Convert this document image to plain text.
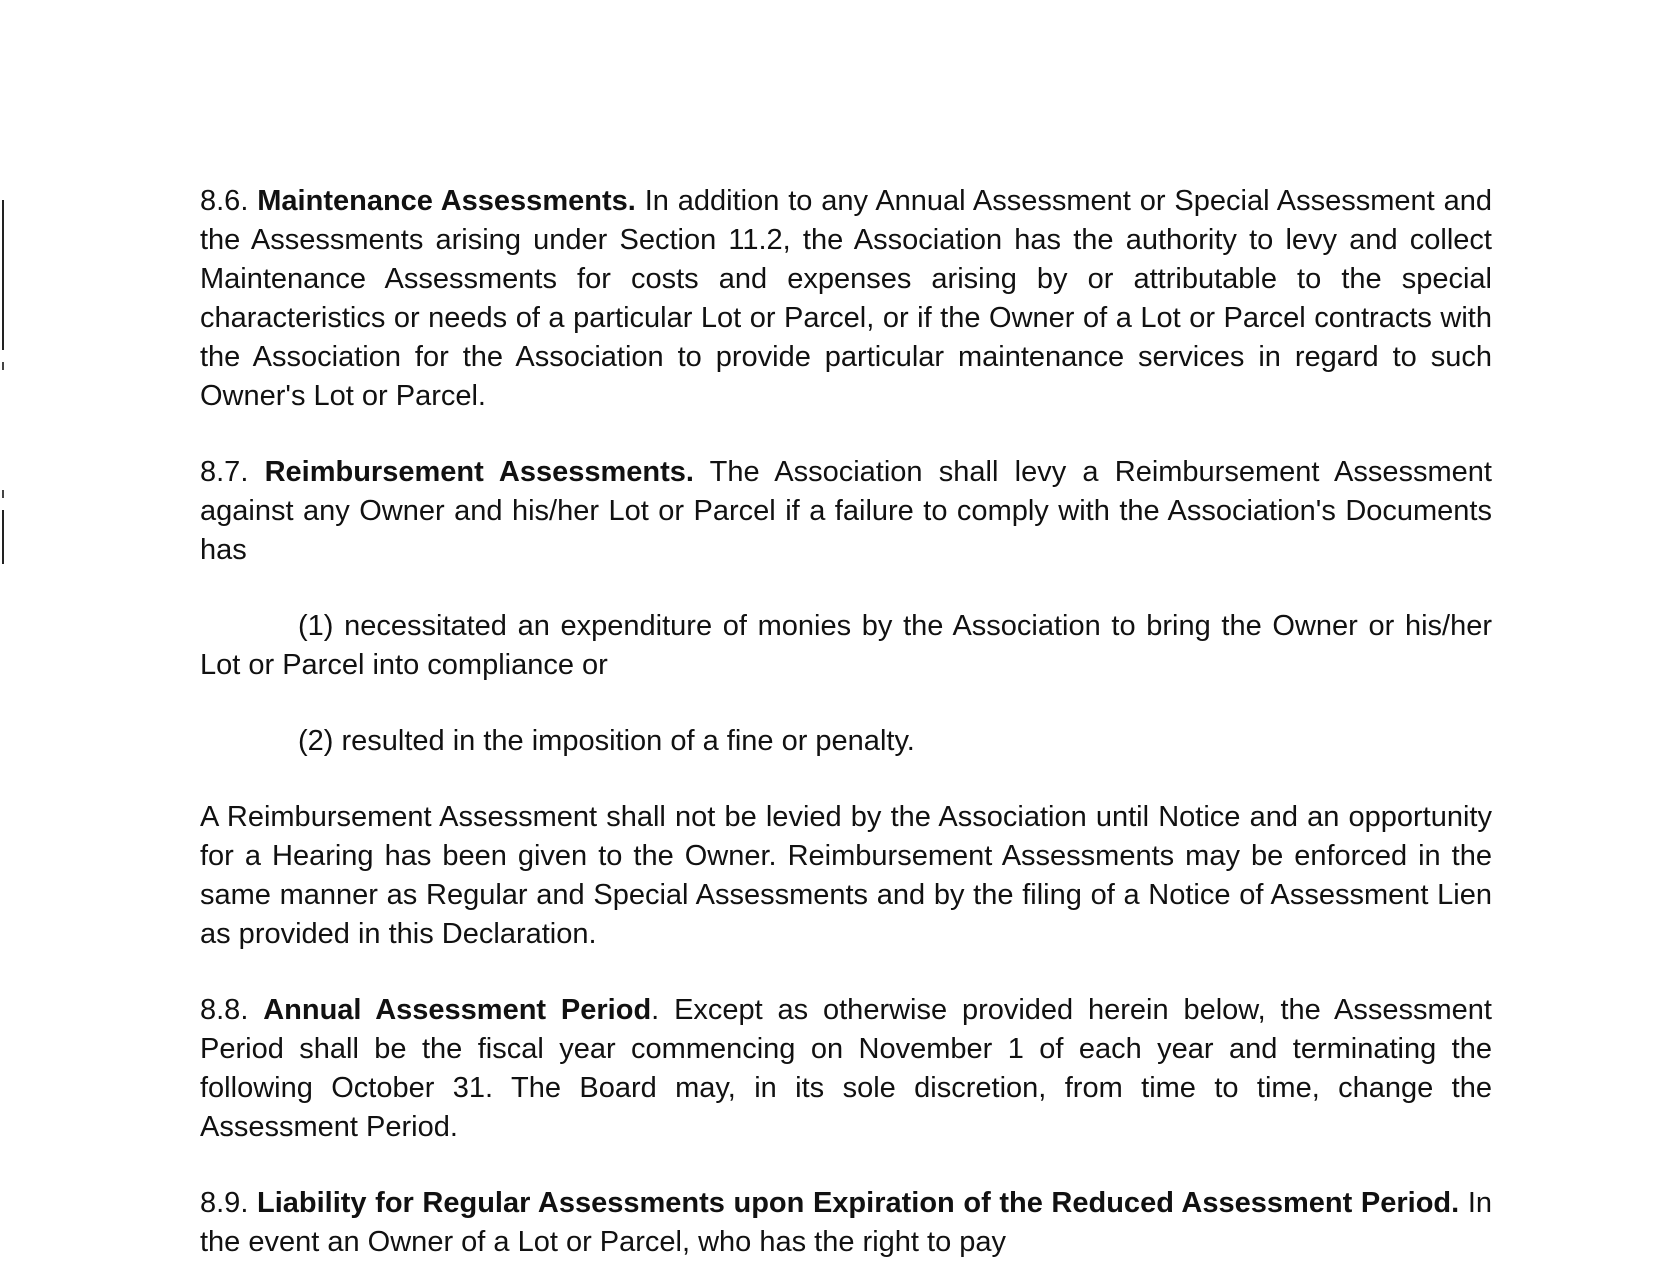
8.6. Maintenance Assessments. In addition to any Annual Assessment or Special Assessment and the Assessments arising under Section 11.2, the Association has the authority to levy and collect Maintenance Assessments for costs and expenses arising by or attributable to the special characteristics or needs of a particular Lot or Parcel, or if the Owner of a Lot or Parcel contracts with the Association for the Association to provide particular maintenance services in regard to such Owner's Lot or Parcel.

8.7. Reimbursement Assessments. The Association shall levy a Reimbursement Assessment against any Owner and his/her Lot or Parcel if a failure to comply with the Association's Documents has

(1) necessitated an expenditure of monies by the Association to bring the Owner or his/her Lot or Parcel into compliance or

(2) resulted in the imposition of a fine or penalty.

A Reimbursement Assessment shall not be levied by the Association until Notice and an opportunity for a Hearing has been given to the Owner. Reimbursement Assessments may be enforced in the same manner as Regular and Special Assessments and by the filing of a Notice of Assessment Lien as provided in this Declaration.

8.8. Annual Assessment Period. Except as otherwise provided herein below, the Assessment Period shall be the fiscal year commencing on November 1 of each year and terminating the following October 31. The Board may, in its sole discretion, from time to time, change the Assessment Period.

8.9. Liability for Regular Assessments upon Expiration of the Reduced Assessment Period. In the event an Owner of a Lot or Parcel, who has the right to pay
